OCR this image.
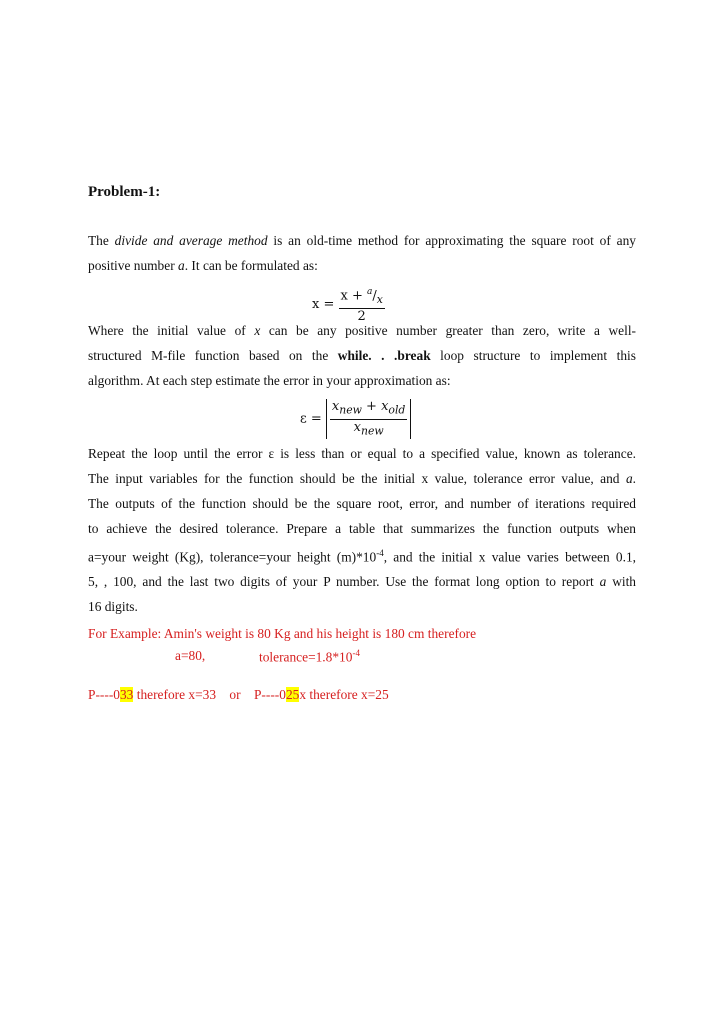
Problem-1:
The divide and average method is an old-time method for approximating the square root of any
positive number a. It can be formulated as:
$x = \frac{x + ^a/_x}{2}$
Where the initial value of x can be any positive number greater than zero, write a well-
structured M-file function based on the while. . .break loop structure to implement this
algorithm. At each step estimate the error in your approximation as:
$\varepsilon = \frac{x_{new} + x_{old}}{x_{new}}$
Repeat the loop until the error ε is less than or equal to a specified value, known as tolerance.
The input variables for the function should be the initial x value, tolerance error value, and a.
The outputs of the function should be the square root, error, and number of iterations required
to achieve the desired tolerance. Prepare a table that summarizes the function outputs when
a=your weight (Kg), tolerance=your height $(m)*10^{-4}$, and the initial x value varies between 0.1,
5, , 100, and the last two digits of your P number. Use the format long option to report a with
16 digits.
For Example: Amin's weight is 80 Kg and his height is 180 cm therefore
a=80,	$tolerance=1.8*10^{-4}$
P----033 therefore x=33 or P----025x therefore x=25
